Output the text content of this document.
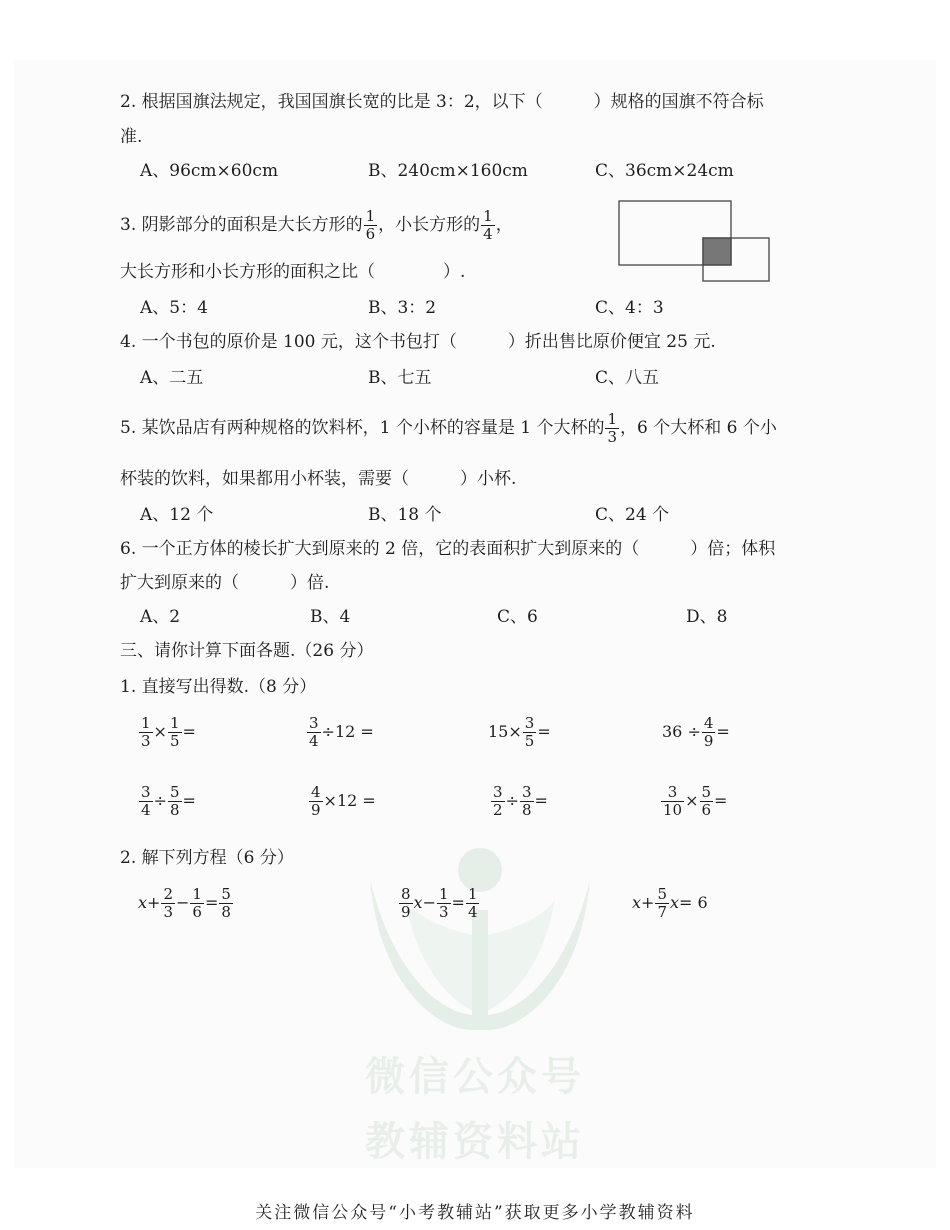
微信公众号
教辅资料站
2. 根据国旗法规定，我国国旗长宽的比是 3：2，以下（　　　）规格的国旗不符合标
准.
A、96cm×60cm	B、240cm×160cm	C、36cm×24cm
3. 阴影部分的面积是大长方形的 $\frac{1}{6}$ ，小长方形的 $\frac{1}{4}$ ，
大长方形和小长方形的面积之比（　　　　）.
A、5：4	B、3：2	C、4：3
4. 一个书包的原价是 100 元，这个书包打（　　　）折出售比原价便宜 25 元.
A、二五	B、七五	C、八五
5. 某饮品店有两种规格的饮料杯，1 个小杯的容量是 1 个大杯的 $\frac{1}{3}$ ，6 个大杯和 6 个小
杯装的饮料，如果都用小杯装，需要（　　　）小杯.
A、12 个	B、18 个	C、24 个
6. 一个正方体的棱长扩大到原来的 2 倍，它的表面积扩大到原来的（　　　）倍；体积
扩大到原来的（　　　）倍.
A、2	B、4	C、6	D、8
三、请你计算下面各题.（26 分）
1. 直接写出得数.（8 分）
$\frac{1}{3} \times \frac{1}{5}$ =	$\frac{3}{4} \div 12$ =	$15\times \frac{3}{5}$ =	$36 \div \frac{4}{9}$ =
$\frac{3}{4} \div \frac{5}{8}$ =	$\frac{4}{9} \times 12$ =	$\frac{3}{2} \div \frac{3}{8}$ =	$\frac{3}{10} \times \frac{5}{6}$ =
2. 解下列方程（6 分）
$x+ \frac{2}{3} - \frac{1}{6} = \frac{5}{8}$	$\frac{8}{9} x- \frac{1}{3} = \frac{1}{4}$	$x+ \frac{5}{7} x= 6$
关注微信公众号“小考教辅站”获取更多小学教辅资料
